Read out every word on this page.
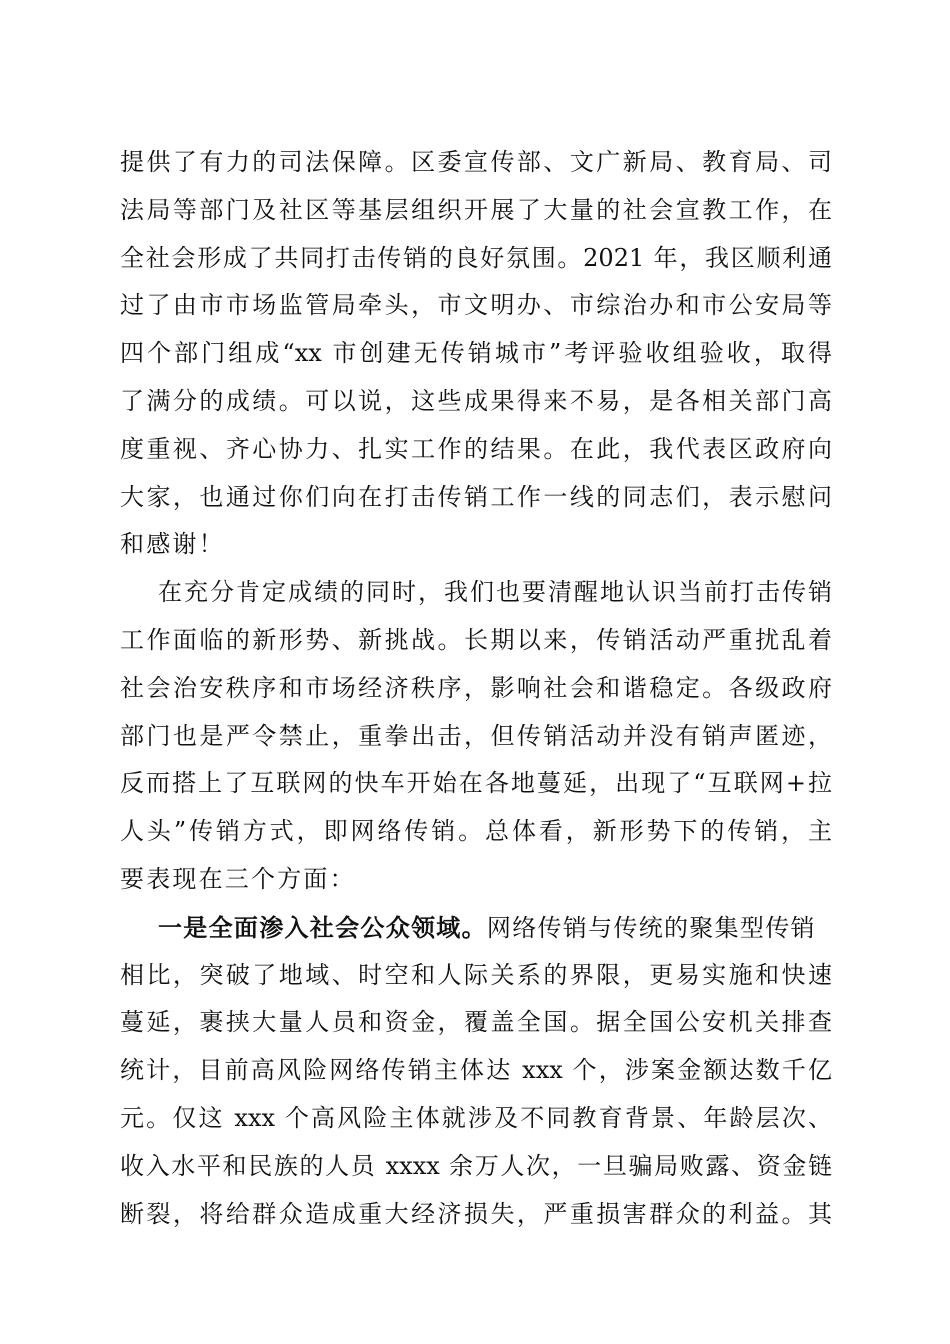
提供了有力的司法保障。区委宣传部、文广新局、教育局、司
法局等部门及社区等基层组织开展了大量的社会宣教工作，在
全社会形成了共同打击传销的良好氛围。2021 年，我区顺利通
过了由市市场监管局牵头，市文明办、市综治办和市公安局等
四个部门组成“xx 市创建无传销城市”考评验收组验收，取得
了满分的成绩。可以说，这些成果得来不易，是各相关部门高
度重视、齐心协力、扎实工作的结果。在此，我代表区政府向
大家，也通过你们向在打击传销工作一线的同志们，表示慰问
和感谢！
在充分肯定成绩的同时，我们也要清醒地认识当前打击传销
工作面临的新形势、新挑战。长期以来，传销活动严重扰乱着
社会治安秩序和市场经济秩序，影响社会和谐稳定。各级政府
部门也是严令禁止，重拳出击，但传销活动并没有销声匿迹，
反而搭上了互联网的快车开始在各地蔓延，出现了“互联网+拉
人头”传销方式，即网络传销。总体看，新形势下的传销，主
要表现在三个方面：
一是全面渗入社会公众领域。网络传销与传统的聚集型传销
相比，突破了地域、时空和人际关系的界限，更易实施和快速
蔓延，裹挟大量人员和资金，覆盖全国。据全国公安机关排查
统计，目前高风险网络传销主体达 xxx 个，涉案金额达数千亿
元。仅这 xxx 个高风险主体就涉及不同教育背景、年龄层次、
收入水平和民族的人员 xxxx 余万人次，一旦骗局败露、资金链
断裂，将给群众造成重大经济损失，严重损害群众的利益。其
